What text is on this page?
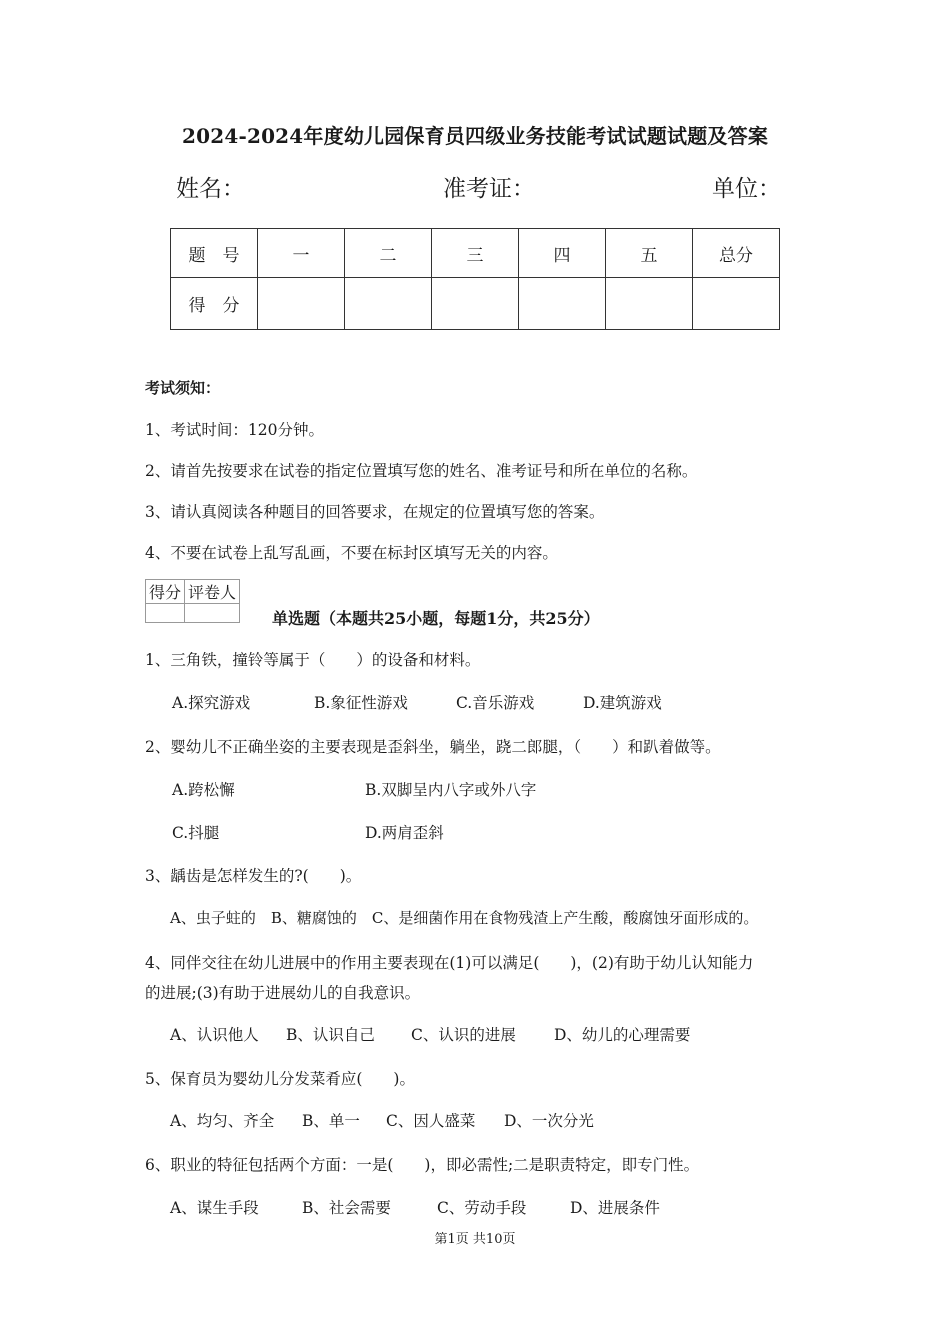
2024-2024年度幼儿园保育员四级业务技能考试试题试题及答案
姓名：	准考证：	单位：
题　号	一	二	三	四	五	总分
得　分						
考试须知：
1、考试时间：120分钟。
2、请首先按要求在试卷的指定位置填写您的姓名、准考证号和所在单位的名称。
3、请认真阅读各种题目的回答要求，在规定的位置填写您的答案。
4、不要在试卷上乱写乱画，不要在标封区填写无关的内容。
得分	评卷人

单选题（本题共25小题，每题1分，共25分）
1、三角铁，撞铃等属于（　　）的设备和材料。
A.探究游戏	B.象征性游戏	C.音乐游戏	D.建筑游戏
2、婴幼儿不正确坐姿的主要表现是歪斜坐，躺坐，跷二郎腿，（　　）和趴着做等。
A.跨松懈	B.双脚呈内八字或外八字
C.抖腿	D.两肩歪斜
3、龋齿是怎样发生的?(　　)。
A、虫子蛀的　B、糖腐蚀的　C、是细菌作用在食物残渣上产生酸，酸腐蚀牙面形成的。
4、同伴交往在幼儿进展中的作用主要表现在(1)可以满足(　　)，(2)有助于幼儿认知能力
的进展;(3)有助于进展幼儿的自我意识。
A、认识他人 B、认识自己 C、认识的进展 D、幼儿的心理需要
5、保育员为婴幼儿分发菜肴应(　　)。
A、均匀、齐全 B、单一 C、因人盛菜 D、一次分光
6、职业的特征包括两个方面：一是(　　)，即必需性;二是职责特定，即专门性。
A、谋生手段	B、社会需要	C、劳动手段	D、进展条件
第1页 共10页
